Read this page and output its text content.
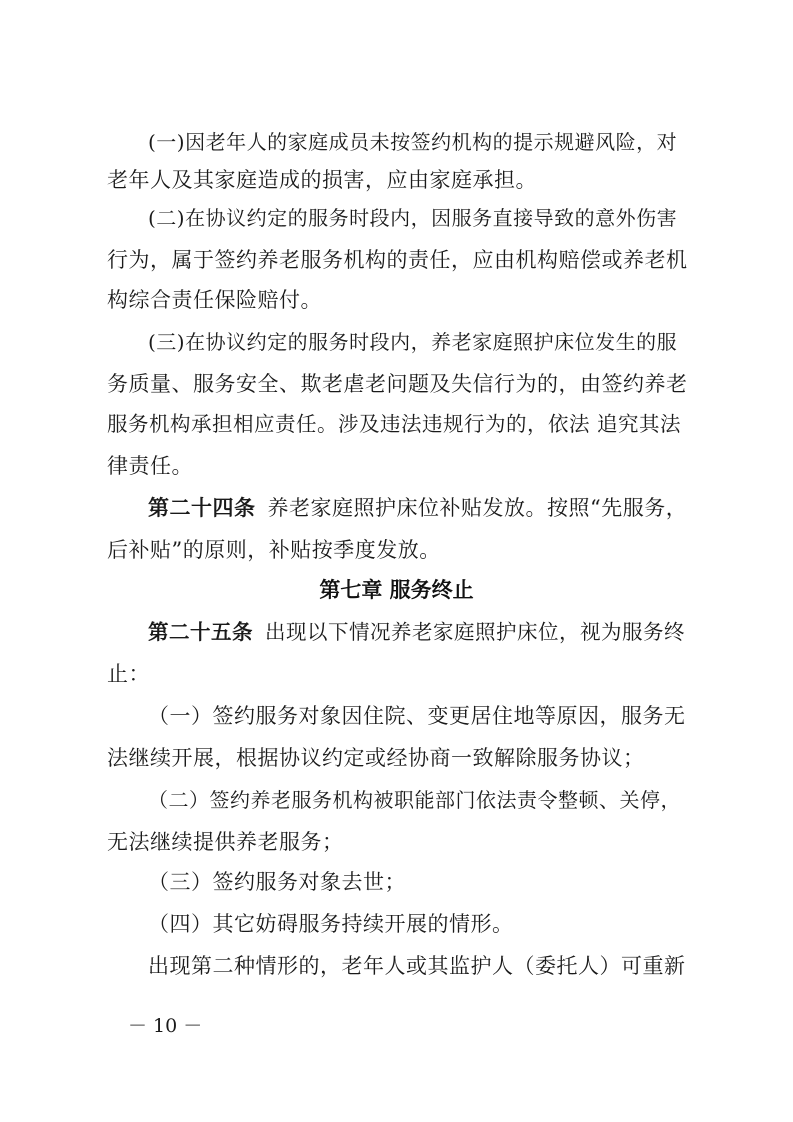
(一)因老年人的家庭成员未按签约机构的提示规避风险，对
老年人及其家庭造成的损害，应由家庭承担。
(二)在协议约定的服务时段内，因服务直接导致的意外伤害
行为，属于签约养老服务机构的责任，应由机构赔偿或养老机
构综合责任保险赔付。
(三)在协议约定的服务时段内，养老家庭照护床位发生的服
务质量、服务安全、欺老虐老问题及失信行为的，由签约养老
服务机构承担相应责任。涉及违法违规行为的，依法 追究其法
律责任。
第二十四条 养老家庭照护床位补贴发放。按照“先服务，
后补贴”的原则，补贴按季度发放。
第七章 服务终止
第二十五条 出现以下情况养老家庭照护床位，视为服务终
止：
（一）签约服务对象因住院、变更居住地等原因，服务无
法继续开展，根据协议约定或经协商一致解除服务协议；
（二）签约养老服务机构被职能部门依法责令整顿、关停，
无法继续提供养老服务；
（三）签约服务对象去世；
（四）其它妨碍服务持续开展的情形。
出现第二种情形的，老年人或其监护人（委托人）可重新
－ 10 －
